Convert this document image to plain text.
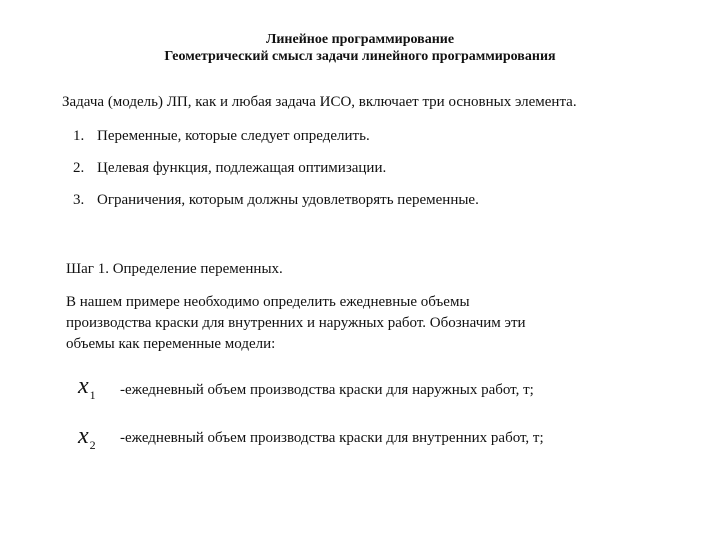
Линейное программирование
Геометрический смысл задачи линейного программирования
Задача (модель) ЛП, как и любая задача ИСО, включает три основных элемента.
1. Переменные, которые следует определить.
2. Целевая функция, подлежащая оптимизации.
3. Ограничения, которым должны удовлетворять переменные.
Шаг 1. Определение переменных.
В нашем примере необходимо определить ежедневные объемы
производства краски для внутренних и наружных работ. Обозначим эти
объемы как переменные модели:
$x_1$ -ежедневный объем производства краски для наружных работ, т;
$x_2$ -ежедневный объем производства краски для внутренних работ, т;
